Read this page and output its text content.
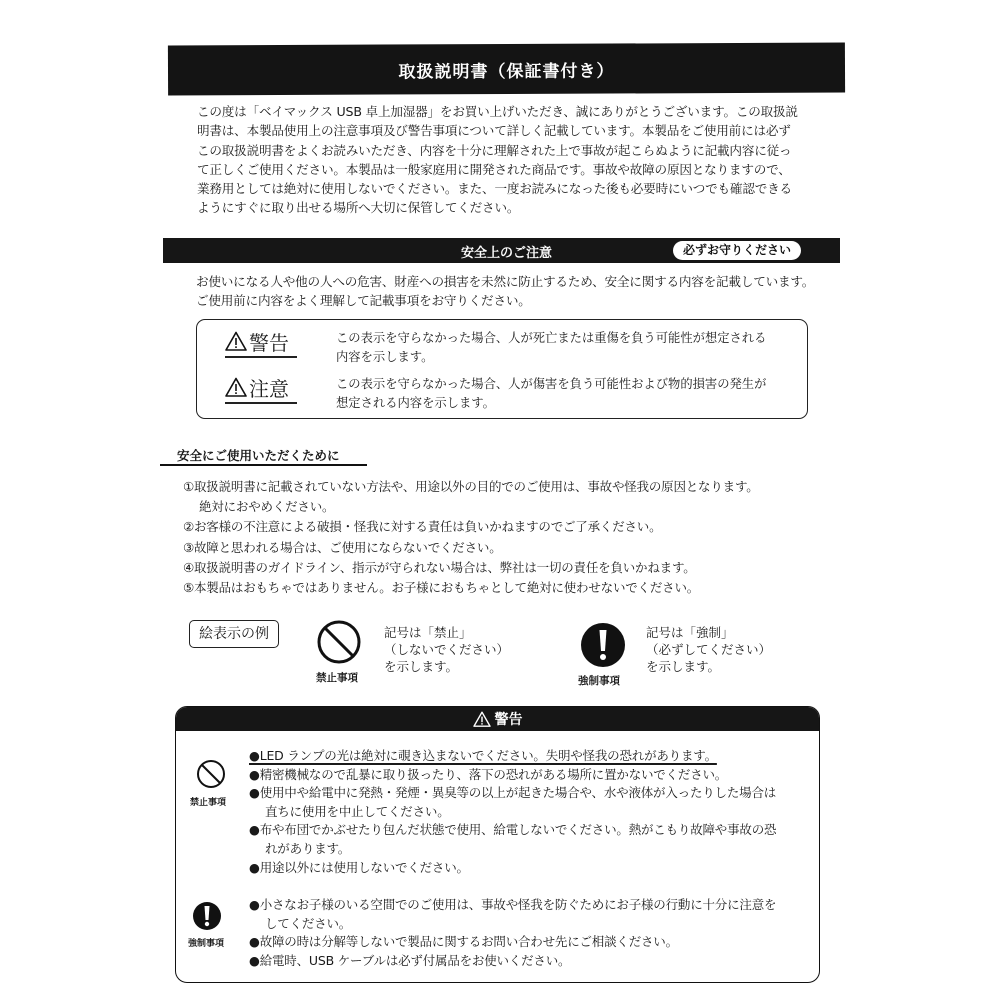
取扱説明書（保証書付き）

この度は「ベイマックス USB 卓上加湿器」をお買い上げいただき、誠にありがとうございます。この取扱説

明書は、本製品使用上の注意事項及び警告事項について詳しく記載しています。本製品をご使用前には必ず

この取扱説明書をよくお読みいただき、内容を十分に理解された上で事故が起こらぬように記載内容に従っ

て正しくご使用ください。本製品は一般家庭用に開発された商品です。事故や故障の原因となりますので、

業務用としては絶対に使用しないでください。また、一度お読みになった後も必要時にいつでも確認できる

ようにすぐに取り出せる場所へ大切に保管してください。

安全上のご注意	必ずお守りください

お使いになる人や他の人への危害、財産への損害を未然に防止するため、安全に関する内容を記載しています。

ご使用前に内容をよく理解して記載事項をお守りください。

警告	この表示を守らなかった場合、人が死亡または重傷を負う可能性が想定される

内容を示します。

注意	この表示を守らなかった場合、人が傷害を負う可能性および物的損害の発生が

想定される内容を示します。

安全にご使用いただくために

①取扱説明書に記載されていない方法や、用途以外の目的でのご使用は、事故や怪我の原因となります。

絶対におやめください。

②お客様の不注意による破損・怪我に対する責任は負いかねますのでご了承ください。

③故障と思われる場合は、ご使用にならないでください。

④取扱説明書のガイドライン、指示が守られない場合は、弊社は一切の責任を負いかねます。

⑤本製品はおもちゃではありません。お子様におもちゃとして絶対に使わせないでください。

絵表示の例
禁止事項

記号は「禁止」

（しないでください）

を示します。

強制事項

記号は「強制」

（必ずしてください）

を示します。

警告
禁止事項

●LED ランプの光は絶対に覗き込まないでください。失明や怪我の恐れがあります。

●精密機械なので乱暴に取り扱ったり、落下の恐れがある場所に置かないでください。

●使用中や給電中に発熱・発煙・異臭等の以上が起きた場合や、水や液体が入ったりした場合は

直ちに使用を中止してください。

●布や布団でかぶせたり包んだ状態で使用、給電しないでください。熱がこもり故障や事故の恐

れがあります。

●用途以外には使用しないでください。

強制事項

●小さなお子様のいる空間でのご使用は、事故や怪我を防ぐためにお子様の行動に十分に注意を

してください。

●故障の時は分解等しないで製品に関するお問い合わせ先にご相談ください。

●給電時、USB ケーブルは必ず付属品をお使いください。
